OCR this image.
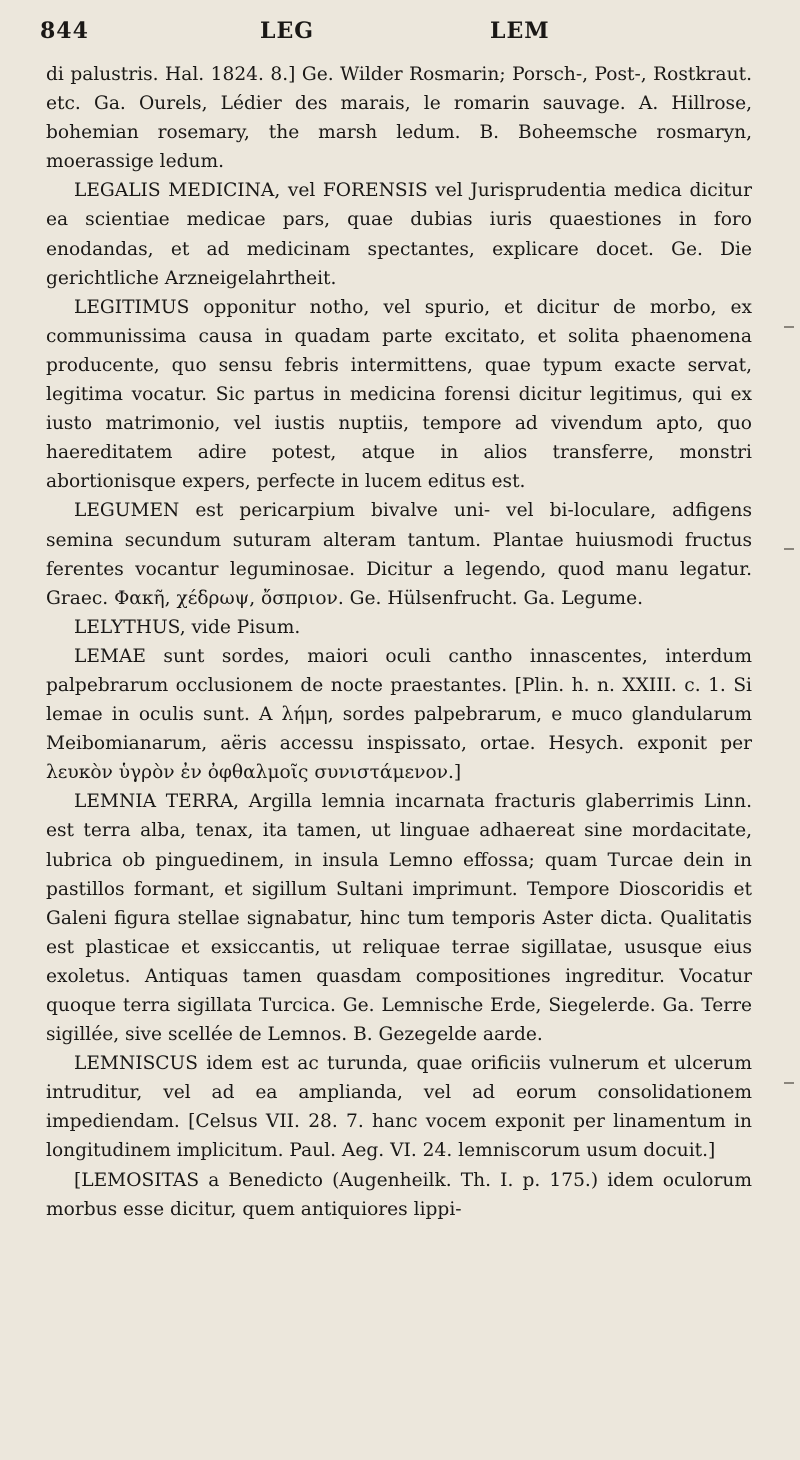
844	LEG	LEM

di palustris. Hal. 1824. 8.] Ge. Wilder Rosmarin; Porsch-, Post-, Rostkraut. etc. Ga. Ourels, Lédier des marais, le romarin sauvage. A. Hillrose, bohemian rosemary, the marsh ledum. B. Boheemsche rosmaryn, moerassige ledum.

LEGALIS MEDICINA, vel FORENSIS vel Jurisprudentia medica dicitur ea scientiae medicae pars, quae dubias iuris quaestiones in foro enodandas, et ad medicinam spectantes, explicare docet. Ge. Die gerichtliche Arzneigelahrtheit.

LEGITIMUS opponitur notho, vel spurio, et dicitur de morbo, ex communissima causa in quadam parte excitato, et solita phaenomena producente, quo sensu febris intermittens, quae typum exacte servat, legitima vocatur. Sic partus in medicina forensi dicitur legitimus, qui ex iusto matrimonio, vel iustis nuptiis, tempore ad vivendum apto, quo haereditatem adire potest, atque in alios transferre, monstri abortionisque expers, perfecte in lucem editus est.

LEGUMEN est pericarpium bivalve uni- vel bi-loculare, adfigens semina secundum suturam alteram tantum. Plantae huiusmodi fructus ferentes vocantur leguminosae. Dicitur a legendo, quod manu legatur. Graec. Φακῆ, χέδρωψ, ὄσπριον. Ge. Hülsenfrucht. Ga. Legume.

LELYTHUS, vide Pisum.

LEMAE sunt sordes, maiori oculi cantho innascentes, interdum palpebrarum occlusionem de nocte praestantes. [Plin. h. n. XXIII. c. 1. Si lemae in oculis sunt. A λήμη, sordes palpebrarum, e muco glandularum Meibomianarum, aëris accessu inspissato, ortae. Hesych. exponit per λευκὸν ὑγρὸν ἐν ὀφθαλμοῖς συνιστάμενον.]

LEMNIA TERRA, Argilla lemnia incarnata fracturis glaberrimis Linn. est terra alba, tenax, ita tamen, ut linguae adhaereat sine mordacitate, lubrica ob pinguedinem, in insula Lemno effossa; quam Turcae dein in pastillos formant, et sigillum Sultani imprimunt. Tempore Dioscoridis et Galeni figura stellae signabatur, hinc tum temporis Aster dicta. Qualitatis est plasticae et exsiccantis, ut reliquae terrae sigillatae, ususque eius exoletus. Antiquas tamen quasdam compositiones ingreditur. Vocatur quoque terra sigillata Turcica. Ge. Lemnische Erde, Siegelerde. Ga. Terre sigillée, sive scellée de Lemnos. B. Gezegelde aarde.

LEMNISCUS idem est ac turunda, quae orificiis vulnerum et ulcerum intruditur, vel ad ea amplianda, vel ad eorum consolidationem impediendam. [Celsus VII. 28. 7. hanc vocem exponit per linamentum in longitudinem implicitum. Paul. Aeg. VI. 24. lemniscorum usum docuit.]

[LEMOSITAS a Benedicto (Augenheilk. Th. I. p. 175.) idem oculorum morbus esse dicitur, quem antiquiores lippi-
